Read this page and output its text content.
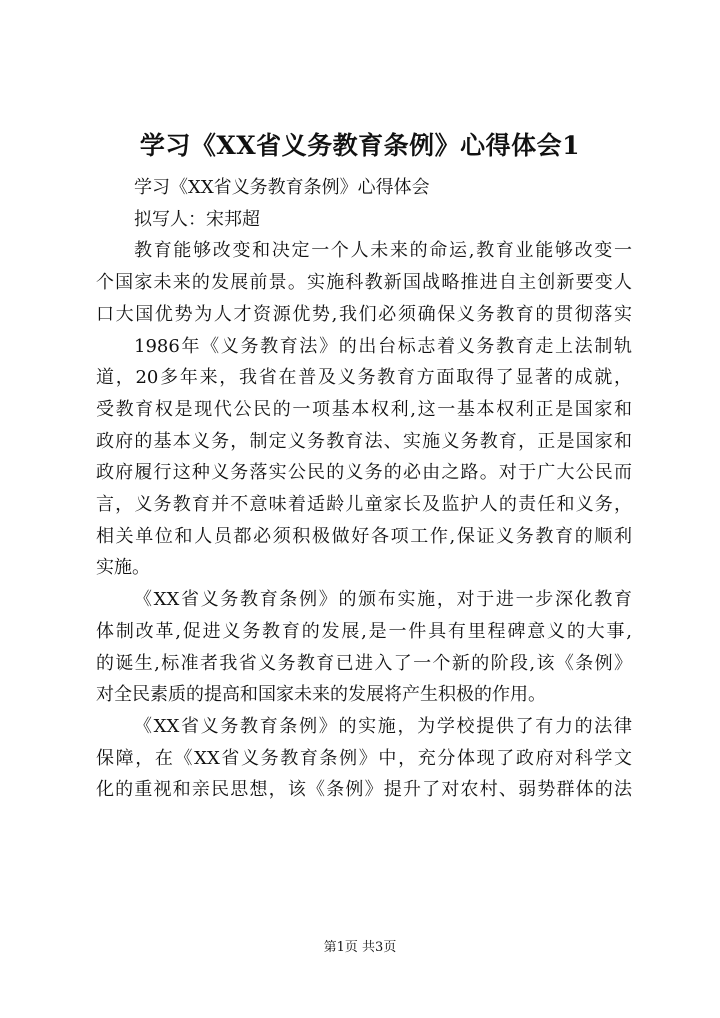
学习《XX省义务教育条例》心得体会1

学习《XX省义务教育条例》心得体会

拟写人：宋邦超

教育能够改变和决定一个人未来的命运,教育业能够改变一

个国家未来的发展前景。实施科教新国战略推进自主创新要变人

口大国优势为人才资源优势,我们必须确保义务教育的贯彻落实

1986年《义务教育法》的出台标志着义务教育走上法制轨

道，20多年来，我省在普及义务教育方面取得了显著的成就，

受教育权是现代公民的一项基本权利,这一基本权利正是国家和

政府的基本义务，制定义务教育法、实施义务教育，正是国家和

政府履行这种义务落实公民的义务的必由之路。对于广大公民而

言，义务教育并不意味着适龄儿童家长及监护人的责任和义务，

相关单位和人员都必须积极做好各项工作,保证义务教育的顺利

实施。

《XX省义务教育条例》的颁布实施，对于进一步深化教育

体制改革,促进义务教育的发展,是一件具有里程碑意义的大事,

的诞生,标准者我省义务教育已进入了一个新的阶段,该《条例》

对全民素质的提高和国家未来的发展将产生积极的作用。

《XX省义务教育条例》的实施，为学校提供了有力的法律

保障，在《XX省义务教育条例》中，充分体现了政府对科学文

化的重视和亲民思想，该《条例》提升了对农村、弱势群体的法

第1页 共3页
